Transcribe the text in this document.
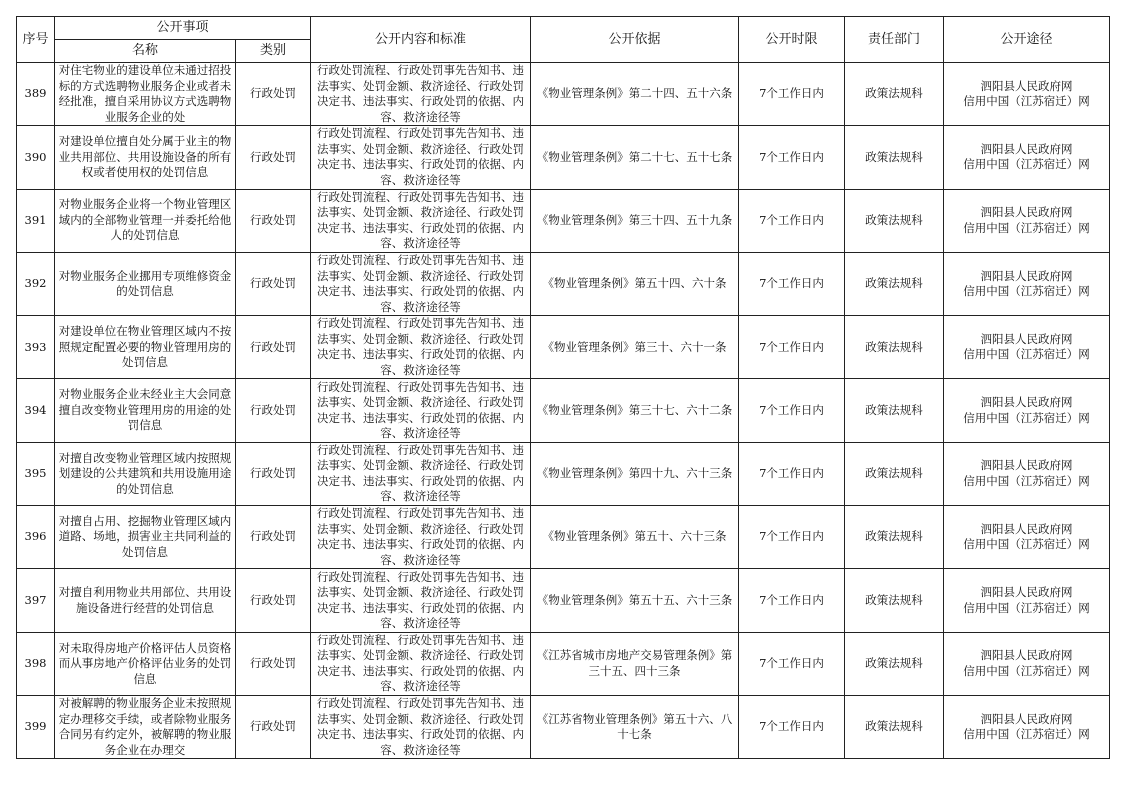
序号	公开事项		公开内容和标准	公开依据	公开时限	责任部门	公开途径
	名称	类别					
389	对住宅物业的建设单位未通过招投标的方式选聘物业服务企业或者未经批准，擅自采用协议方式选聘物业服务企业的处	行政处罚	行政处罚流程、行政处罚事先告知书、违法事实、处罚金额、救济途径、行政处罚决定书、违法事实、行政处罚的依据、内容、救济途径等	《物业管理条例》第二十四、五十六条	7个工作日内	政策法规科	泗阳县人民政府网
信用中国（江苏宿迁）网

390	对建设单位擅自处分属于业主的物业共用部位、共用设施设备的所有权或者使用权的处罚信息	行政处罚	行政处罚流程、行政处罚事先告知书、违法事实、处罚金额、救济途径、行政处罚决定书、违法事实、行政处罚的依据、内容、救济途径等	《物业管理条例》第二十七、五十七条	7个工作日内	政策法规科	泗阳县人民政府网
信用中国（江苏宿迁）网

391	对物业服务企业将一个物业管理区域内的全部物业管理一并委托给他人的处罚信息	行政处罚	行政处罚流程、行政处罚事先告知书、违法事实、处罚金额、救济途径、行政处罚决定书、违法事实、行政处罚的依据、内容、救济途径等	《物业管理条例》第三十四、五十九条	7个工作日内	政策法规科	泗阳县人民政府网
信用中国（江苏宿迁）网

392	对物业服务企业挪用专项维修资金的处罚信息	行政处罚	行政处罚流程、行政处罚事先告知书、违法事实、处罚金额、救济途径、行政处罚决定书、违法事实、行政处罚的依据、内容、救济途径等	《物业管理条例》第五十四、六十条	7个工作日内	政策法规科	泗阳县人民政府网
信用中国（江苏宿迁）网

393	对建设单位在物业管理区域内不按照规定配置必要的物业管理用房的处罚信息	行政处罚	行政处罚流程、行政处罚事先告知书、违法事实、处罚金额、救济途径、行政处罚决定书、违法事实、行政处罚的依据、内容、救济途径等	《物业管理条例》第三十、六十一条	7个工作日内	政策法规科	泗阳县人民政府网
信用中国（江苏宿迁）网

394	对物业服务企业未经业主大会同意 擅自改变物业管理用房的用途的处罚信息	行政处罚	行政处罚流程、行政处罚事先告知书、违法事实、处罚金额、救济途径、行政处罚决定书、违法事实、行政处罚的依据、内容、救济途径等	《物业管理条例》第三十七、六十二条	7个工作日内	政策法规科	泗阳县人民政府网
信用中国（江苏宿迁）网

395	对擅自改变物业管理区域内按照规划建设的公共建筑和共用设施用途的处罚信息	行政处罚	行政处罚流程、行政处罚事先告知书、违法事实、处罚金额、救济途径、行政处罚决定书、违法事实、行政处罚的依据、内容、救济途径等	《物业管理条例》第四十九、六十三条	7个工作日内	政策法规科	泗阳县人民政府网
信用中国（江苏宿迁）网

396	对擅自占用、挖掘物业管理区域内道路、场地，损害业主共同利益的处罚信息	行政处罚	行政处罚流程、行政处罚事先告知书、违法事实、处罚金额、救济途径、行政处罚决定书、违法事实、行政处罚的依据、内容、救济途径等	《物业管理条例》第五十、六十三条	7个工作日内	政策法规科	泗阳县人民政府网
信用中国（江苏宿迁）网

397	对擅自利用物业共用部位、共用设施设备进行经营的处罚信息	行政处罚	行政处罚流程、行政处罚事先告知书、违法事实、处罚金额、救济途径、行政处罚决定书、违法事实、行政处罚的依据、内容、救济途径等	《物业管理条例》第五十五、六十三条	7个工作日内	政策法规科	泗阳县人民政府网
信用中国（江苏宿迁）网

398	对未取得房地产价格评估人员资格而从事房地产价格评估业务的处罚信息	行政处罚	行政处罚流程、行政处罚事先告知书、违法事实、处罚金额、救济途径、行政处罚决定书、违法事实、行政处罚的依据、内容、救济途径等	《江苏省城市房地产交易管理条例》第三十五、四十三条	7个工作日内	政策法规科	泗阳县人民政府网
信用中国（江苏宿迁）网

399	对被解聘的物业服务企业未按照规定办理移交手续，或者除物业服务合同另有约定外，被解聘的物业服务企业在办理交	行政处罚	行政处罚流程、行政处罚事先告知书、违法事实、处罚金额、救济途径、行政处罚决定书、违法事实、行政处罚的依据、内容、救济途径等	《江苏省物业管理条例》第五十六、八十七条	7个工作日内	政策法规科	泗阳县人民政府网
信用中国（江苏宿迁）网
